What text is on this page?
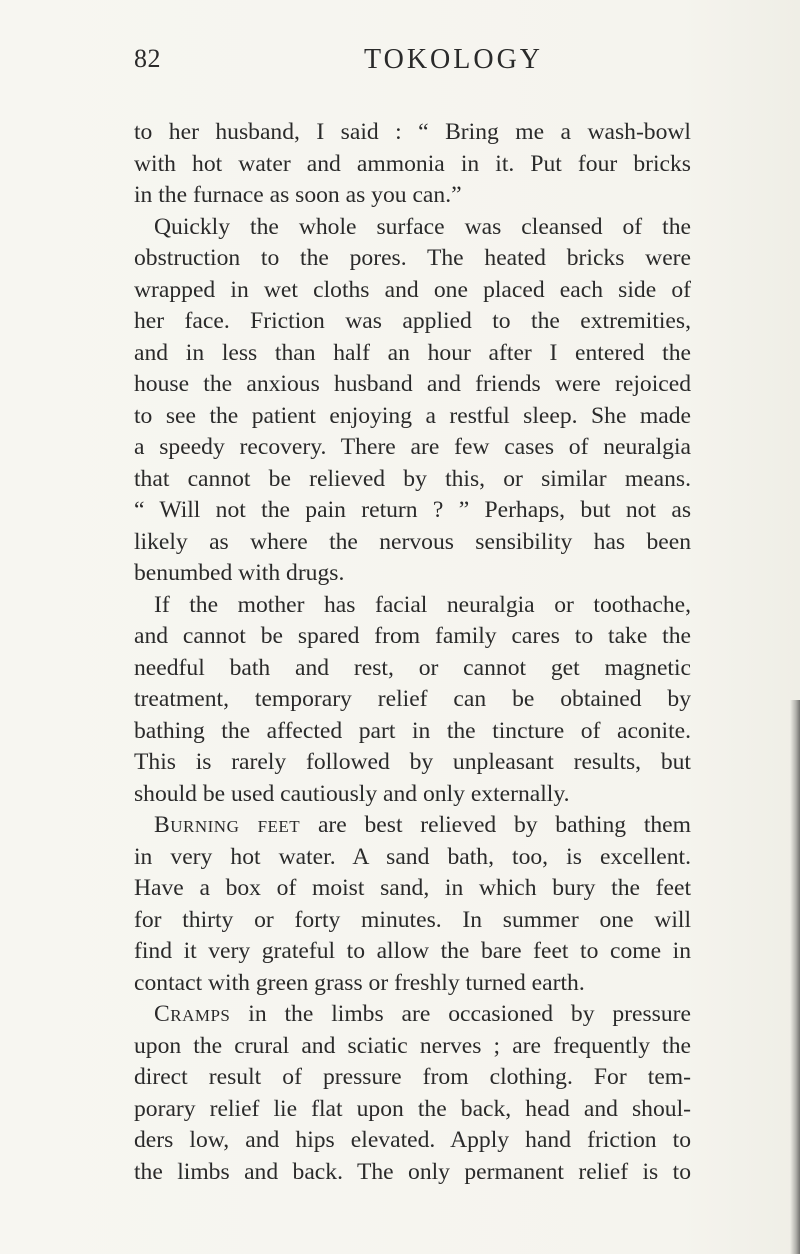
82	TOKOLOGY
to her husband, I said : “ Bring me a wash-bowl
with hot water and ammonia in it. Put four bricks
in the furnace as soon as you can.”
Quickly the whole surface was cleansed of the
obstruction to the pores. The heated bricks were
wrapped in wet cloths and one placed each side of
her face. Friction was applied to the extremities,
and in less than half an hour after I entered the
house the anxious husband and friends were rejoiced
to see the patient enjoying a restful sleep. She made
a speedy recovery. There are few cases of neuralgia
that cannot be relieved by this, or similar means.
“ Will not the pain return ? ” Perhaps, but not as
likely as where the nervous sensibility has been
benumbed with drugs.
If the mother has facial neuralgia or toothache,
and cannot be spared from family cares to take the
needful bath and rest, or cannot get magnetic
treatment, temporary relief can be obtained by
bathing the affected part in the tincture of aconite.
This is rarely followed by unpleasant results, but
should be used cautiously and only externally.
Burning feet are best relieved by bathing them
in very hot water. A sand bath, too, is excellent.
Have a box of moist sand, in which bury the feet
for thirty or forty minutes. In summer one will
find it very grateful to allow the bare feet to come in
contact with green grass or freshly turned earth.
Cramps in the limbs are occasioned by pressure
upon the crural and sciatic nerves ; are frequently the
direct result of pressure from clothing. For tem-
porary relief lie flat upon the back, head and shoul-
ders low, and hips elevated. Apply hand friction to
the limbs and back. The only permanent relief is to
